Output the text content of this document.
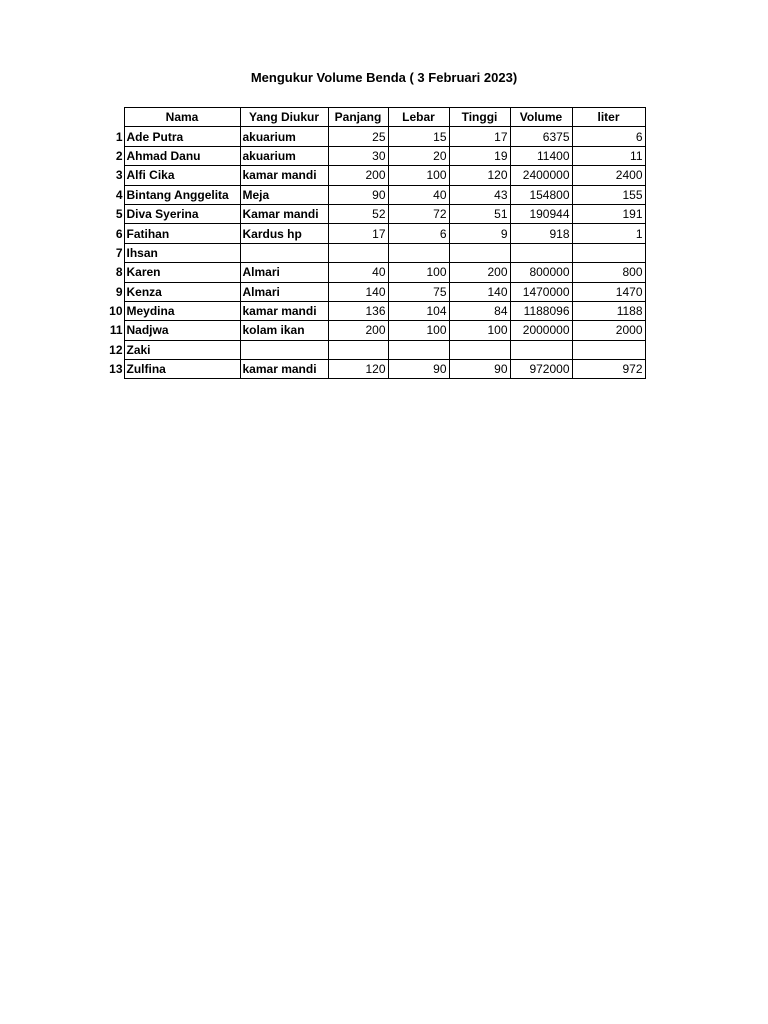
Mengukur Volume Benda ( 3 Februari 2023)
	Nama	Yang Diukur	Panjang	Lebar	Tinggi	Volume	liter
1	Ade Putra	akuarium	25	15	17	6375	6
2	Ahmad Danu	akuarium	30	20	19	11400	11
3	Alfi Cika	kamar mandi	200	100	120	2400000	2400
4	Bintang Anggelita	Meja	90	40	43	154800	155
5	Diva Syerina	Kamar mandi	52	72	51	190944	191
6	Fatihan	Kardus hp	17	6	9	918	1
7	Ihsan						
8	Karen	Almari	40	100	200	800000	800
9	Kenza	Almari	140	75	140	1470000	1470
10	Meydina	kamar mandi	136	104	84	1188096	1188
11	Nadjwa	kolam ikan	200	100	100	2000000	2000
12	Zaki						
13	Zulfina	kamar mandi	120	90	90	972000	972
